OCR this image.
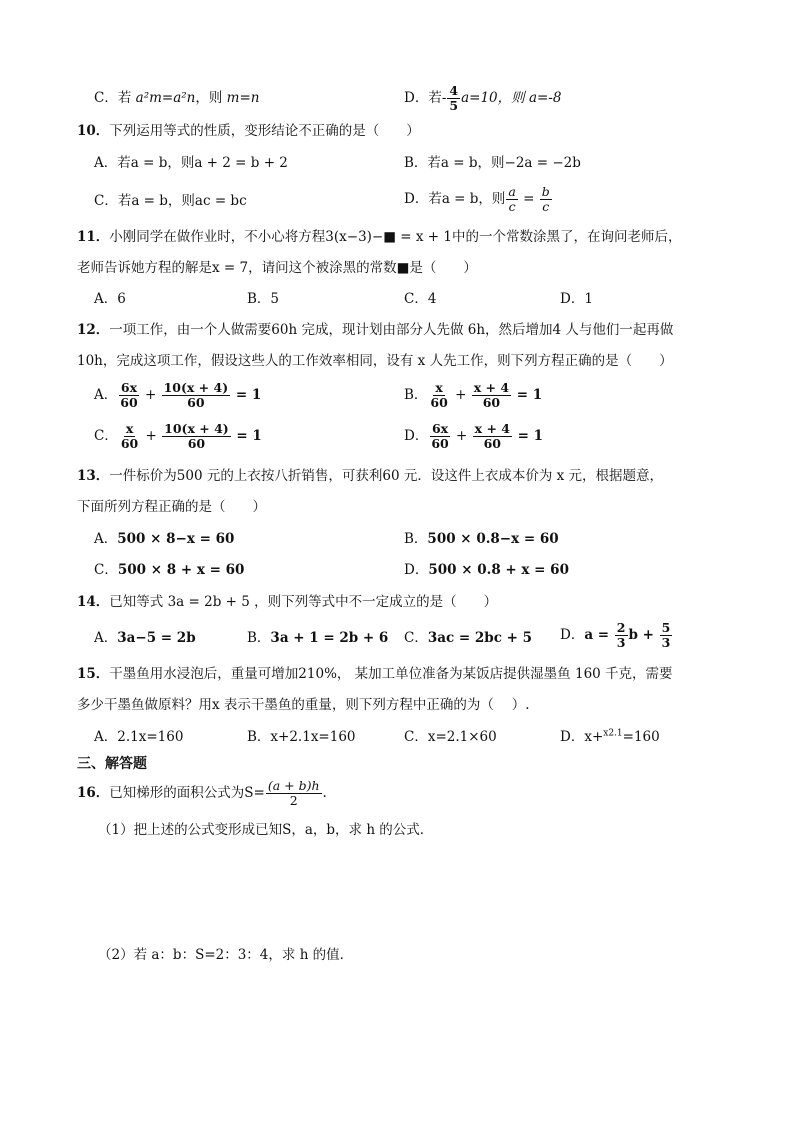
C．若 a²m=a²n，则 m=n	D．若- $\frac{4}{5} a=10$，则 a=-8
10．下列运用等式的性质，变形结论不正确的是（　　）
A．若a = b，则a + 2 = b + 2	B．若a = b，则−2a = −2b
C．若a = b，则ac = bc	D．若a = b，则 $\frac{a}{c} = \frac{b}{c}$
11．小刚同学在做作业时，不小心将方程3(x−3)−■ = x + 1中的一个常数涂黑了，在询问老师后，
老师告诉她方程的解是x = 7，请问这个被涂黑的常数■是（　　）
A．6	B．5	C．4	D．1
12．一项工作，由一个人做需要60h 完成，现计划由部分人先做 6h，然后增加4 人与他们一起再做
10h，完成这项工作，假设这些人的工作效率相同，设有 x 人先工作，则下列方程正确的是（　　）
A． $\frac{6x}{60} + \frac{10(x + 4)}{60} = 1$	B． $\frac{x}{60} + \frac{x + 4}{60} = 1$
C． $\frac{x}{60} + \frac{10(x + 4)}{60} = 1$	D． $\frac{6x}{60} + \frac{x + 4}{60} = 1$
13．一件标价为500 元的上衣按八折销售，可获利60 元．设这件上衣成本价为 x 元，根据题意，
下面所列方程正确的是（　　）
A．500 × 8−x = 60	B．500 × 0.8−x = 60
C．500 × 8 + x = 60	D．500 × 0.8 + x = 60
14．已知等式 3a = 2b + 5 ，则下列等式中不一定成立的是（　　）
A．3a−5 = 2b	B．3a + 1 = 2b + 6 C．3ac = 2bc + 5 D．$a = \frac{2}{3}$ $b + \frac{5}{3}$
15．干墨鱼用水浸泡后，重量可增加210%， 某加工单位准备为某饭店提供湿墨鱼 160 千克，需要
多少干墨鱼做原料？用x 表示干墨鱼的重量，则下列方程中正确的为（　 ）.
A．2.1x=160	B．x+2.1x=160	C．x=2.1×60	D．x+$^{x2.1}$=160
三、解答题
16．已知梯形的面积公式为$S= \frac{(a + b)h}{2}$ .
（1）把上述的公式变形成已知S，a，b，求 h 的公式．
（2）若 a：b：S=2：3：4，求 h 的值．
